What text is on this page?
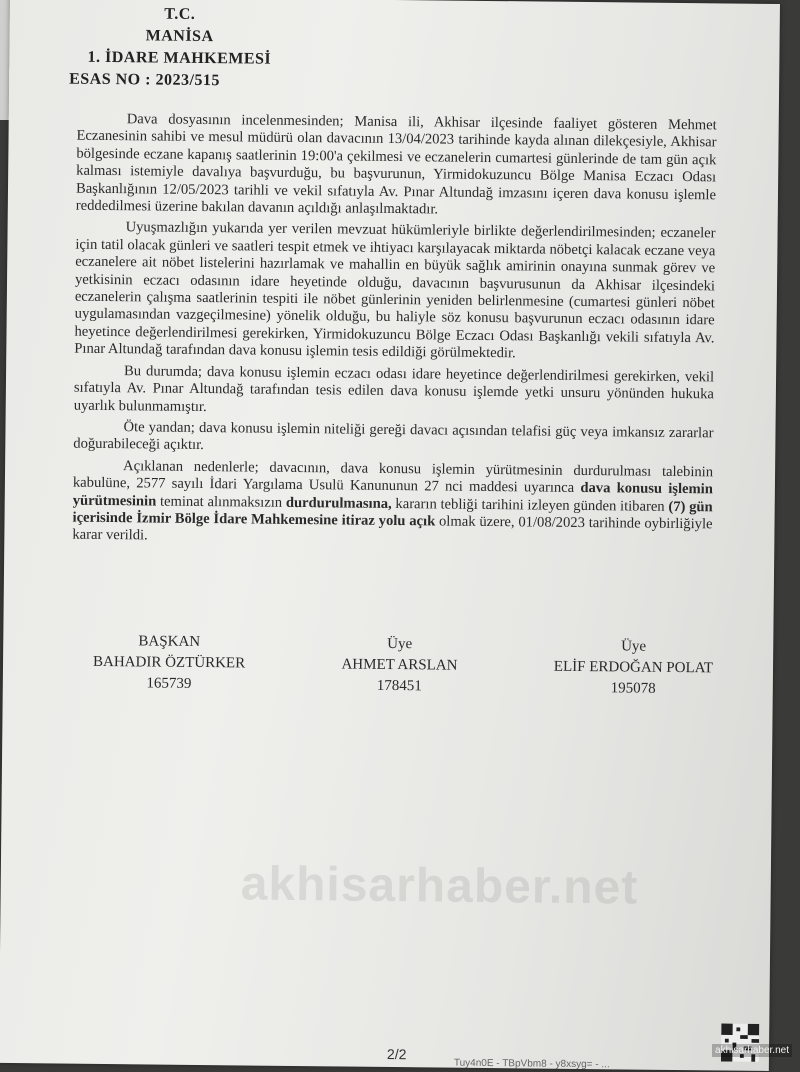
T.C.
MANİSA
1. İDARE MAHKEMESİ
ESAS NO : 2023/515

Dava dosyasının incelenmesinden; Manisa ili, Akhisar ilçesinde faaliyet gösteren Mehmet Eczanesinin sahibi ve mesul müdürü olan davacının 13/04/2023 tarihinde kayda alınan dilekçesiyle, Akhisar bölgesinde eczane kapanış saatlerinin 19:00'a çekilmesi ve eczanelerin cumartesi günlerinde de tam gün açık kalması istemiyle davalıya başvurduğu, bu başvurunun, Yirmidokuzuncu Bölge Manisa Eczacı Odası Başkanlığının 12/05/2023 tarihli ve vekil sıfatıyla Av. Pınar Altundağ imzasını içeren dava konusu işlemle reddedilmesi üzerine bakılan davanın açıldığı anlaşılmaktadır.

Uyuşmazlığın yukarıda yer verilen mevzuat hükümleriyle birlikte değerlendirilmesinden; eczaneler için tatil olacak günleri ve saatleri tespit etmek ve ihtiyacı karşılayacak miktarda nöbetçi kalacak eczane veya eczanelere ait nöbet listelerini hazırlamak ve mahallin en büyük sağlık amirinin onayına sunmak görev ve yetkisinin eczacı odasının idare heyetinde olduğu, davacının başvurusunun da Akhisar ilçesindeki eczanelerin çalışma saatlerinin tespiti ile nöbet günlerinin yeniden belirlenmesine (cumartesi günleri nöbet uygulamasından vazgeçilmesine) yönelik olduğu, bu haliyle söz konusu başvurunun eczacı odasının idare heyetince değerlendirilmesi gerekirken, Yirmidokuzuncu Bölge Eczacı Odası Başkanlığı vekili sıfatıyla Av. Pınar Altundağ tarafından dava konusu işlemin tesis edildiği görülmektedir.

Bu durumda; dava konusu işlemin eczacı odası idare heyetince değerlendirilmesi gerekirken, vekil sıfatıyla Av. Pınar Altundağ tarafından tesis edilen dava konusu işlemde yetki unsuru yönünden hukuka uyarlık bulunmamıştır.

Öte yandan; dava konusu işlemin niteliği gereği davacı açısından telafisi güç veya imkansız zararlar doğurabileceği açıktır.

Açıklanan nedenlerle; davacının, dava konusu işlemin yürütmesinin durdurulması talebinin kabulüne, 2577 sayılı İdari Yargılama Usulü Kanununun 27 nci maddesi uyarınca dava konusu işlemin yürütmesinin teminat alınmaksızın durdurulmasına, kararın tebliği tarihini izleyen günden itibaren (7) gün içerisinde İzmir Bölge İdare Mahkemesine itiraz yolu açık olmak üzere, 01/08/2023 tarihinde oybirliğiyle karar verildi.

BAŞKAN
BAHADIR ÖZTÜRKER
165739
Üye
AHMET ARSLAN
178451
Üye
ELİF ERDOĞAN POLAT
195078
akhisarhaber.net
2/2
Tuy4n0E - TBpVbm8 - y8xsyg= - ...
akhisarhaber.net
